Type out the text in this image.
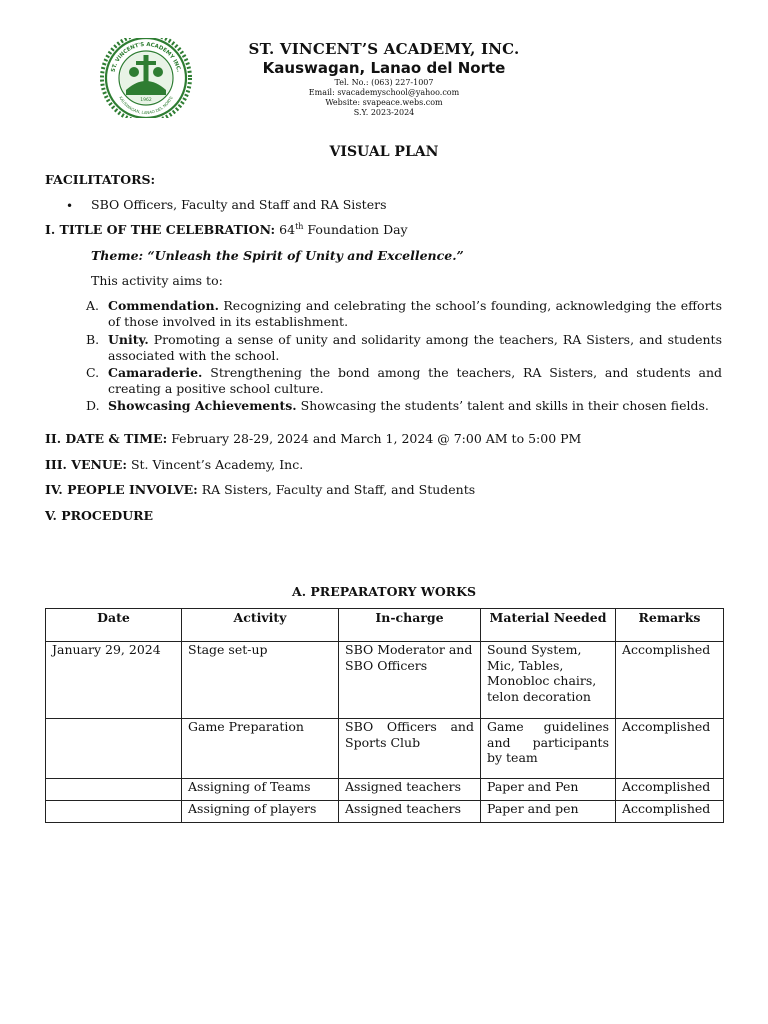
ST. VINCENT'S ACADEMY INC.
KAUSWAGAN, LANAO DEL NORTE
1962
ST. VINCENT’S ACADEMY, INC.
Kauswagan, Lanao del Norte
Tel. No.: (063) 227-1007
Email: svacademyschool@yahoo.com
Website: svapeace.webs.com
S.Y. 2023-2024
VISUAL PLAN
FACILITATORS:
• SBO Officers, Faculty and Staff and RA Sisters
I. TITLE OF THE CELEBRATION: 64th Foundation Day
Theme: “Unleash the Spirit of Unity and Excellence.”
This activity aims to:
A. Commendation. Recognizing and celebrating the school’s founding, acknowledging the efforts of those involved in its establishment.
B. Unity. Promoting a sense of unity and solidarity among the teachers, RA Sisters, and students associated with the school.
C. Camaraderie. Strengthening the bond among the teachers, RA Sisters, and students and creating a positive school culture.
D. Showcasing Achievements. Showcasing the students’ talent and skills in their chosen fields.
II. DATE & TIME: February 28-29, 2024 and March 1, 2024 @ 7:00 AM to 5:00 PM
III. VENUE: St. Vincent’s Academy, Inc.
IV. PEOPLE INVOLVE: RA Sisters, Faculty and Staff, and Students
V. PROCEDURE
A. PREPARATORY WORKS
Date	Activity	In-charge	Material Needed	Remarks
January 29, 2024	Stage set-up	SBO Moderator and SBO Officers	Sound System, Mic, Tables, Monobloc chairs, telon decoration	Accomplished
	Game Preparation	SBO Officers and Sports Club	Game guidelines and participants by team	Accomplished
	Assigning of Teams	Assigned teachers	Paper and Pen	Accomplished
	Assigning of players	Assigned teachers	Paper and pen	Accomplished
